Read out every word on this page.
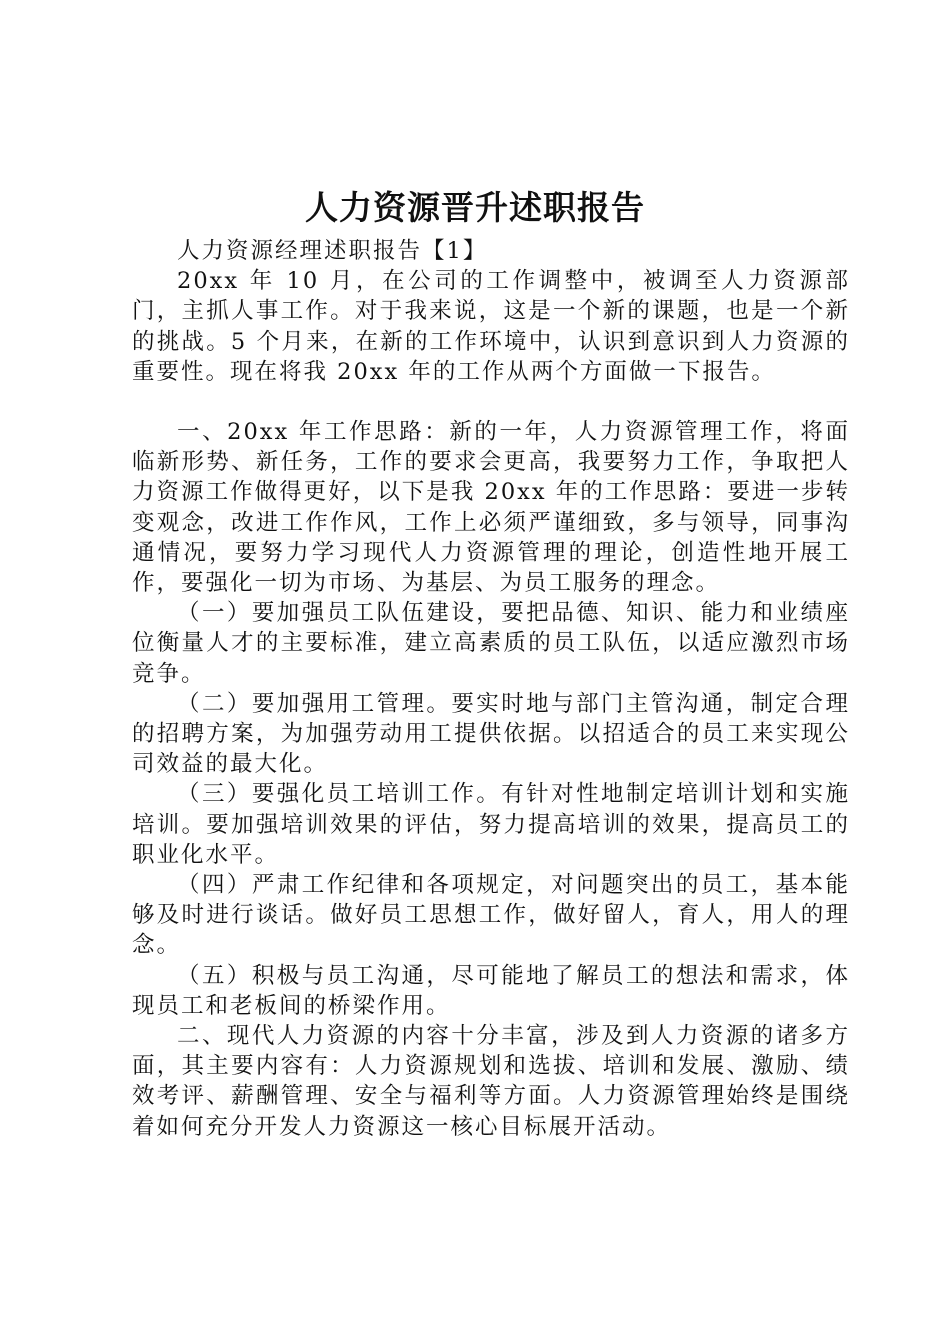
人力资源晋升述职报告

人力资源经理述职报告【1】

20xx 年 10 月，在公司的工作调整中，被调至人力资源部门，主抓人事工作。对于我来说，这是一个新的课题，也是一个新的挑战。5 个月来，在新的工作环境中，认识到意识到人力资源的重要性。现在将我 20xx 年的工作从两个方面做一下报告。

一、20xx 年工作思路：新的一年，人力资源管理工作，将面临新形势、新任务，工作的要求会更高，我要努力工作，争取把人力资源工作做得更好，以下是我 20xx 年的工作思路：要进一步转变观念，改进工作作风，工作上必须严谨细致，多与领导，同事沟通情况，要努力学习现代人力资源管理的理论，创造性地开展工作，要强化一切为市场、为基层、为员工服务的理念。

（一）要加强员工队伍建设，要把品德、知识、能力和业绩座位衡量人才的主要标准，建立高素质的员工队伍，以适应激烈市场竞争。

（二）要加强用工管理。要实时地与部门主管沟通，制定合理的招聘方案，为加强劳动用工提供依据。以招适合的员工来实现公司效益的最大化。

（三）要强化员工培训工作。有针对性地制定培训计划和实施培训。要加强培训效果的评估，努力提高培训的效果，提高员工的职业化水平。

（四）严肃工作纪律和各项规定，对问题突出的员工，基本能够及时进行谈话。做好员工思想工作，做好留人，育人，用人的理念。

（五）积极与员工沟通，尽可能地了解员工的想法和需求，体现员工和老板间的桥梁作用。

二、现代人力资源的内容十分丰富，涉及到人力资源的诸多方面，其主要内容有：人力资源规划和选拔、培训和发展、激励、绩效考评、薪酬管理、安全与福利等方面。人力资源管理始终是围绕着如何充分开发人力资源这一核心目标展开活动。
